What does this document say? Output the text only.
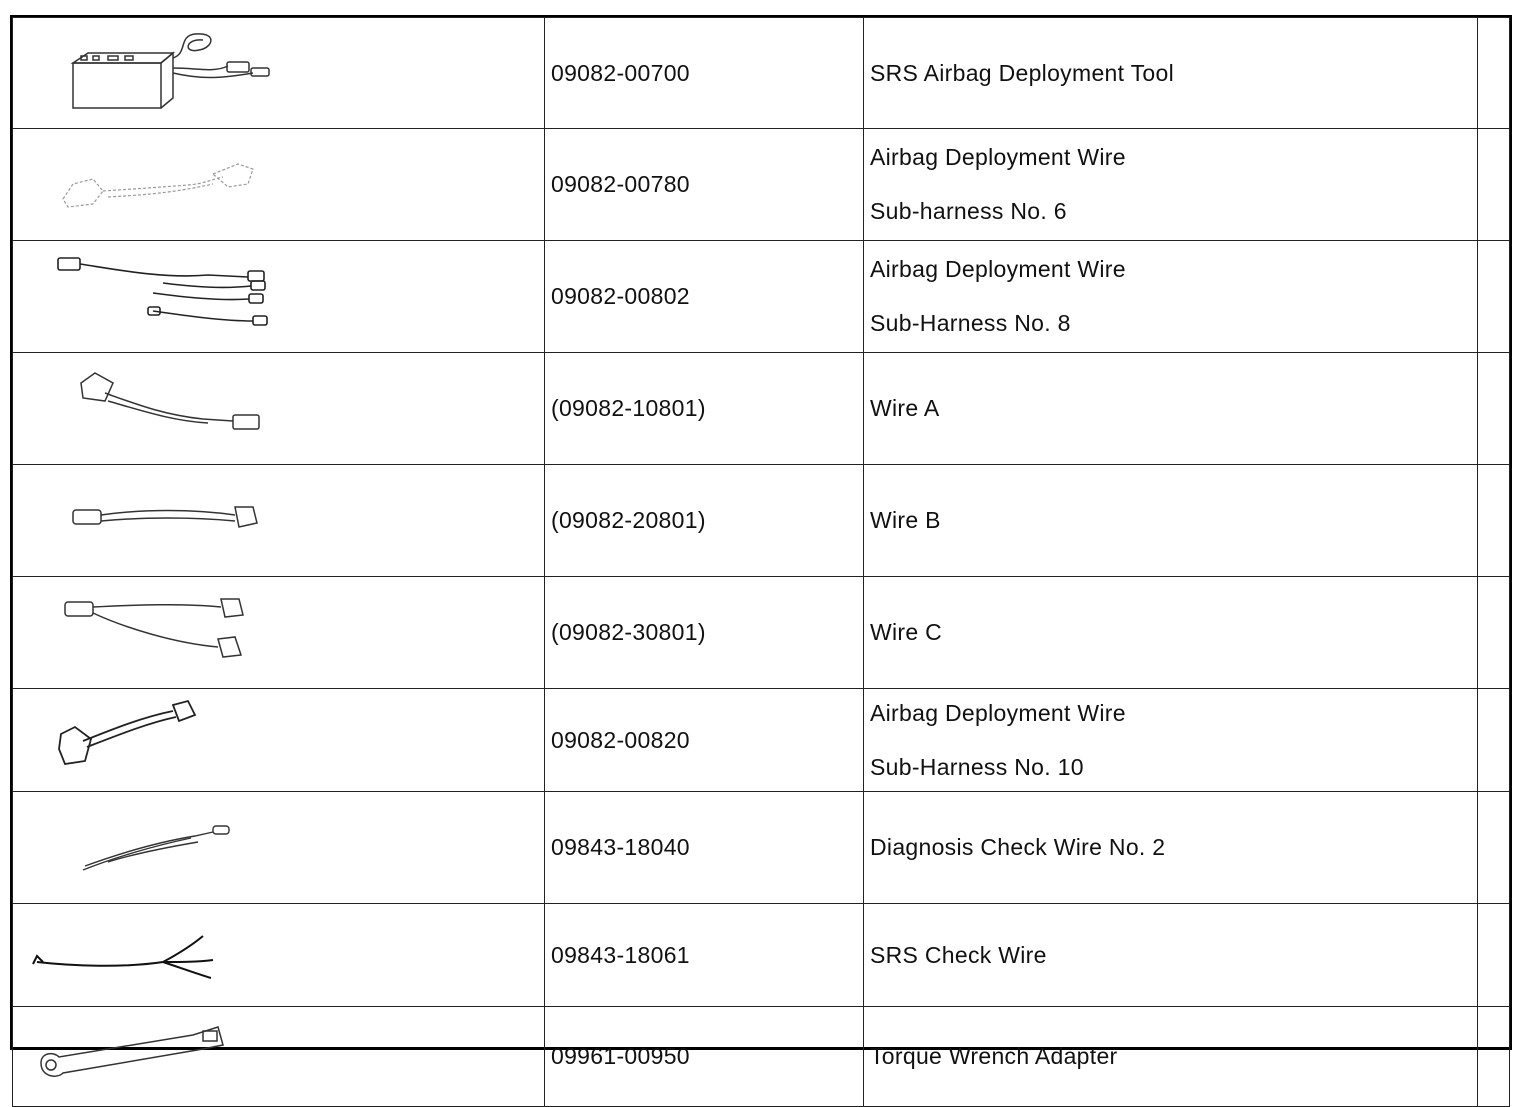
	09082-00700	SRS Airbag Deployment Tool	

	09082-00780	Airbag Deployment Wire
Sub-harness No. 6	

	09082-00802	Airbag Deployment Wire
Sub-Harness No. 8	

	(09082-10801)	Wire A	

	(09082-20801)	Wire B	

	(09082-30801)	Wire C	

	09082-00820	Airbag Deployment Wire
Sub-Harness No. 10	

	09843-18040	Diagnosis Check Wire No. 2	

	09843-18061	SRS Check Wire	

	09961-00950	Torque Wrench Adapter	
